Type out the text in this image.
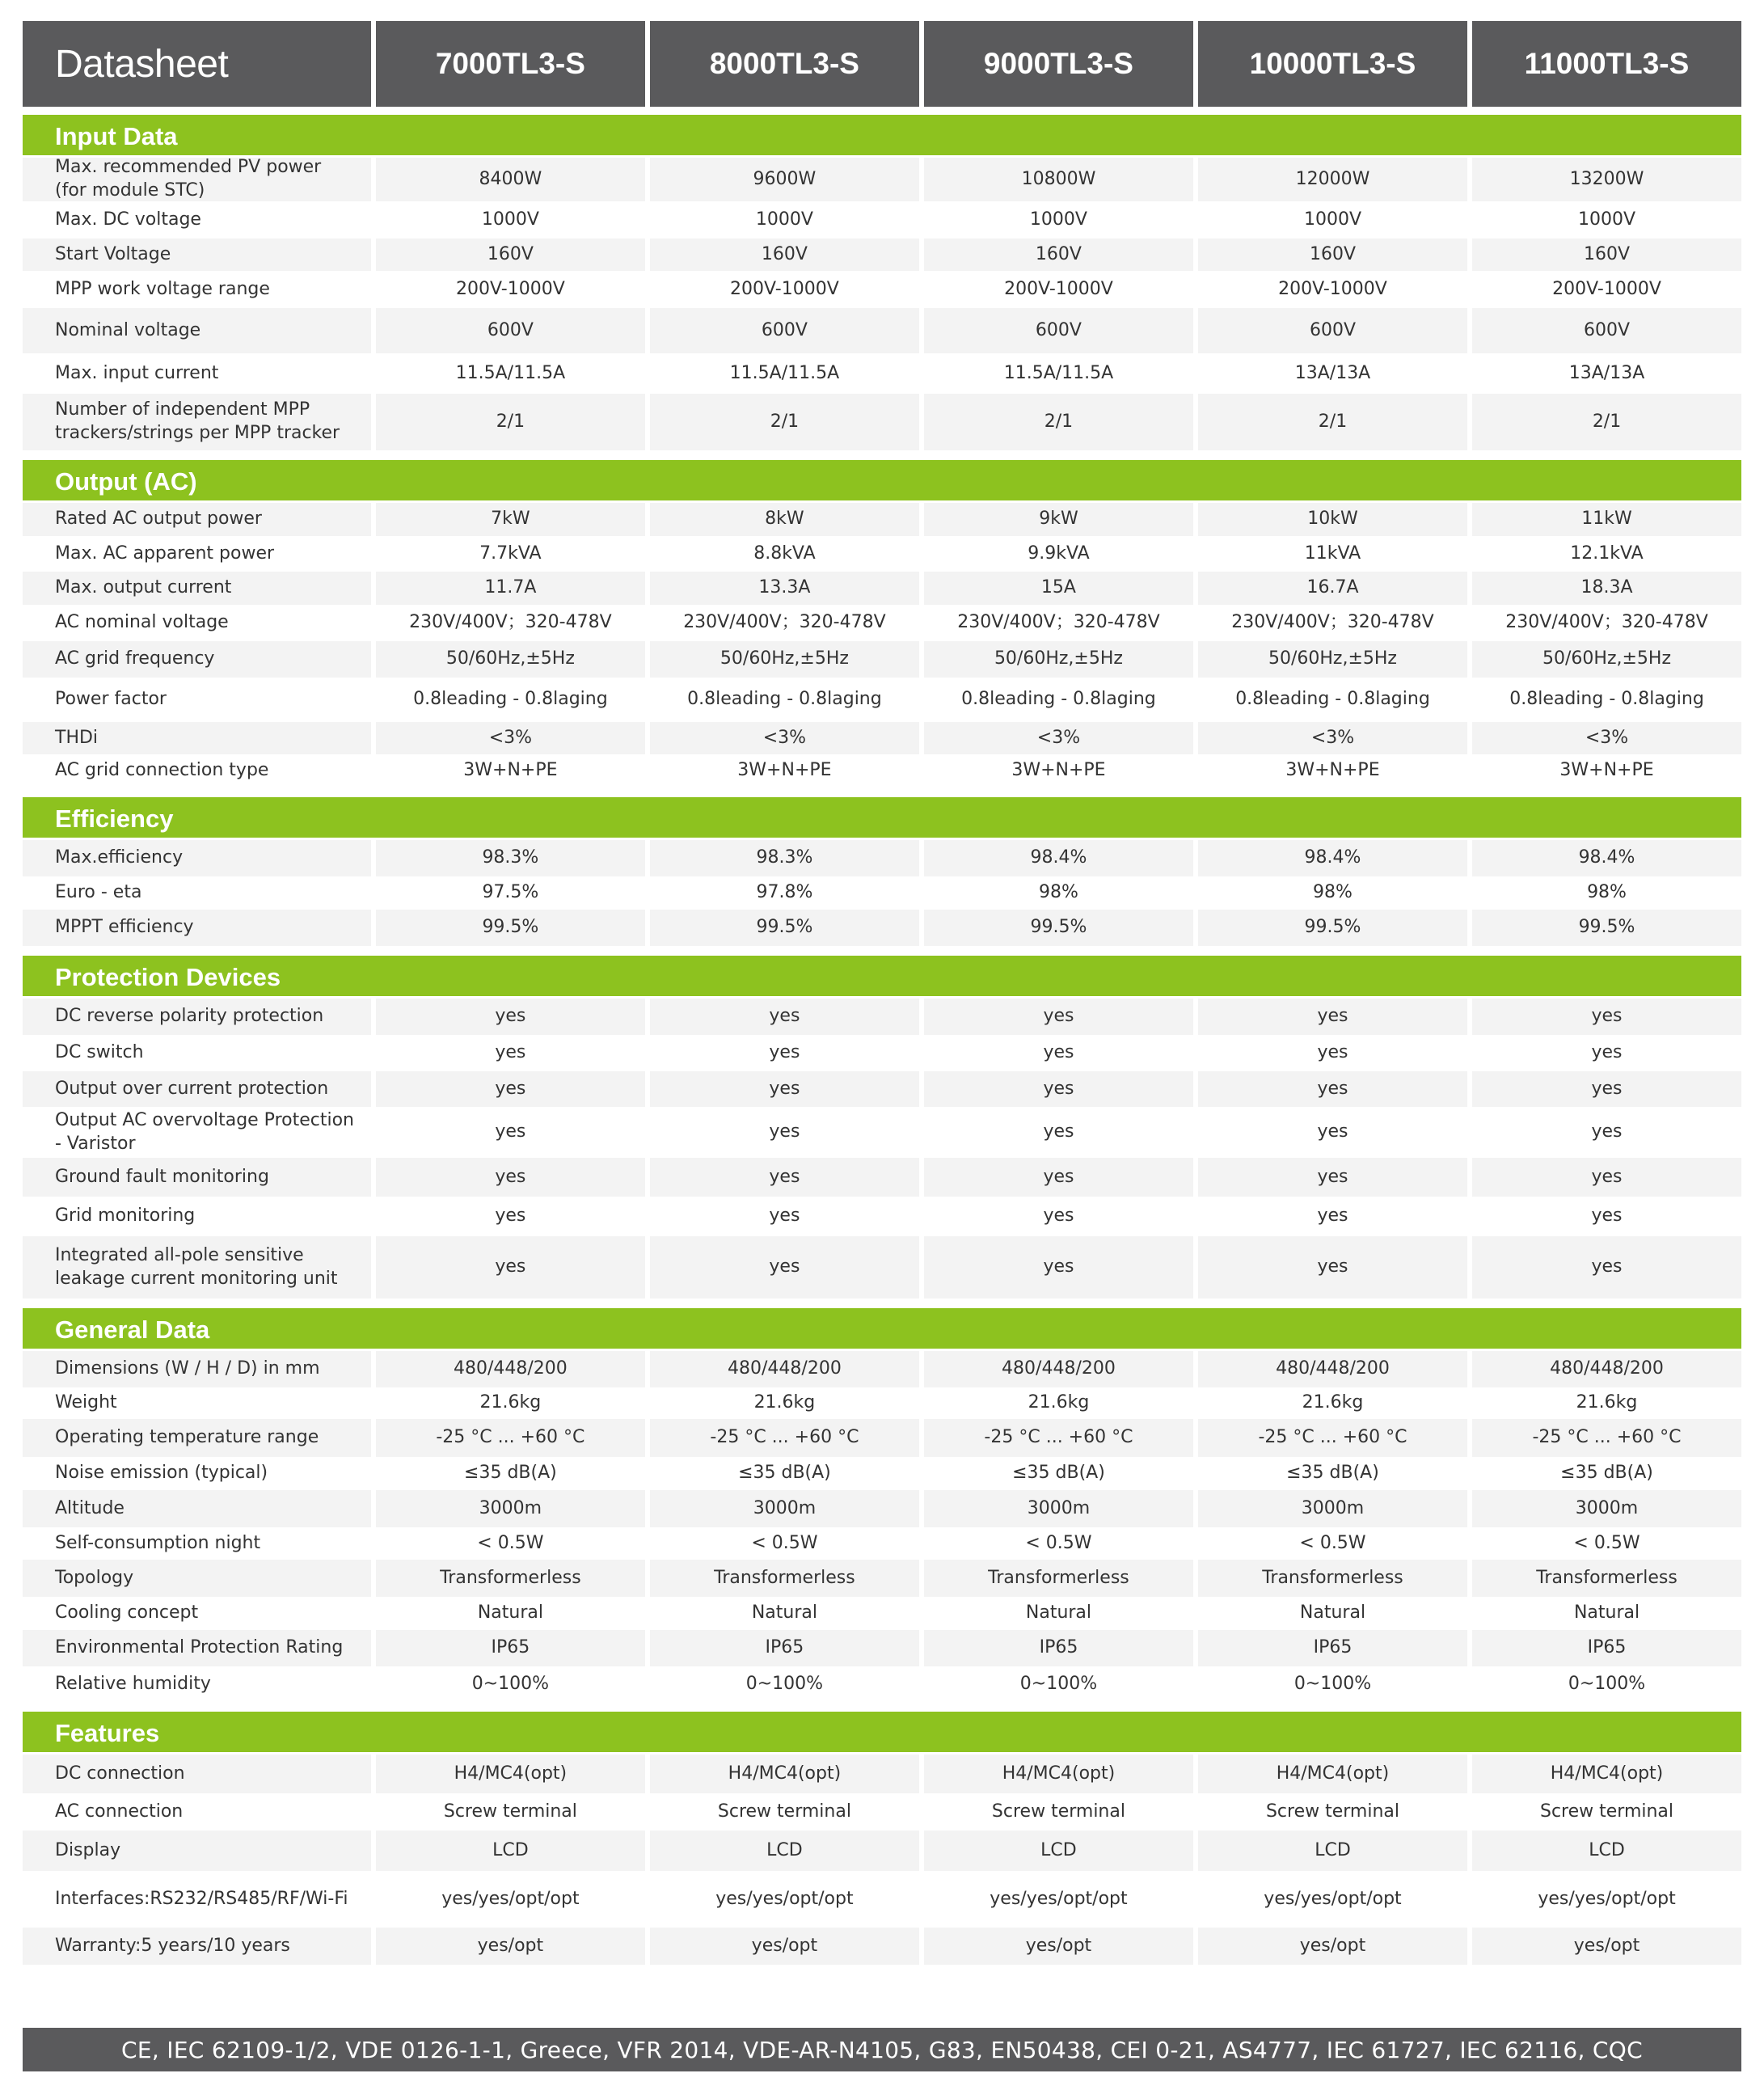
Datasheet	7000TL3-S	8000TL3-S	9000TL3-S	10000TL3-S	11000TL3-S
Input Data
Max. recommended PV power
(for module STC)
8400W	9600W	10800W	12000W	13200W
Max. DC voltage	1000V	1000V	1000V	1000V	1000V
Start Voltage	160V	160V	160V	160V	160V
MPP work voltage range	200V-1000V	200V-1000V	200V-1000V	200V-1000V	200V-1000V
Nominal voltage	600V	600V	600V	600V	600V
Max. input current	11.5A/11.5A	11.5A/11.5A	11.5A/11.5A	13A/13A	13A/13A
Number of independent MPP
trackers/strings per MPP tracker
2/1	2/1	2/1	2/1	2/1
Output (AC)
Rated AC output power	7kW	8kW	9kW	10kW	11kW
Max. AC apparent power	7.7kVA	8.8kVA	9.9kVA	11kVA	12.1kVA
Max. output current	11.7A	13.3A	15A	16.7A	18.3A
AC nominal voltage	230V/400V；320-478V	230V/400V；320-478V	230V/400V；320-478V	230V/400V；320-478V	230V/400V；320-478V
AC grid frequency	50/60Hz,±5Hz	50/60Hz,±5Hz	50/60Hz,±5Hz	50/60Hz,±5Hz	50/60Hz,±5Hz
Power factor	0.8leading - 0.8laging	0.8leading - 0.8laging	0.8leading - 0.8laging	0.8leading - 0.8laging	0.8leading - 0.8laging
THDi	<3%	<3%	<3%	<3%	<3%
AC grid connection type	3W+N+PE	3W+N+PE	3W+N+PE	3W+N+PE	3W+N+PE
Efficiency
Max.efficiency	98.3%	98.3%	98.4%	98.4%	98.4%
Euro - eta	97.5%	97.8%	98%	98%	98%
MPPT efficiency	99.5%	99.5%	99.5%	99.5%	99.5%
Protection Devices
DC reverse polarity protection	yes	yes	yes	yes	yes
DC switch	yes	yes	yes	yes	yes
Output over current protection	yes	yes	yes	yes	yes
Output AC overvoltage Protection
- Varistor
yes	yes	yes	yes	yes
Ground fault monitoring	yes	yes	yes	yes	yes
Grid monitoring	yes	yes	yes	yes	yes
Integrated all-pole sensitive
leakage current monitoring unit
yes	yes	yes	yes	yes
General Data
Dimensions (W / H / D) in mm	480/448/200	480/448/200	480/448/200	480/448/200	480/448/200
Weight	21.6kg	21.6kg	21.6kg	21.6kg	21.6kg
Operating temperature range	-25 °C ... +60 °C	-25 °C ... +60 °C	-25 °C ... +60 °C	-25 °C ... +60 °C	-25 °C ... +60 °C
Noise emission (typical)	≤35 dB(A)	≤35 dB(A)	≤35 dB(A)	≤35 dB(A)	≤35 dB(A)
Altitude	3000m	3000m	3000m	3000m	3000m
Self-consumption night	< 0.5W	< 0.5W	< 0.5W	< 0.5W	< 0.5W
Topology	Transformerless	Transformerless	Transformerless	Transformerless	Transformerless
Cooling concept	Natural	Natural	Natural	Natural	Natural
Environmental Protection Rating	IP65	IP65	IP65	IP65	IP65
Relative humidity	0~100%	0~100%	0~100%	0~100%	0~100%
Features
DC connection	H4/MC4(opt)	H4/MC4(opt)	H4/MC4(opt)	H4/MC4(opt)	H4/MC4(opt)
AC connection	Screw terminal	Screw terminal	Screw terminal	Screw terminal	Screw terminal
Display	LCD	LCD	LCD	LCD	LCD
Interfaces:RS232/RS485/RF/Wi-Fi	yes/yes/opt/opt	yes/yes/opt/opt	yes/yes/opt/opt	yes/yes/opt/opt	yes/yes/opt/opt
Warranty:5 years/10 years	yes/opt	yes/opt	yes/opt	yes/opt	yes/opt
CE, IEC 62109-1/2, VDE 0126-1-1, Greece, VFR 2014, VDE-AR-N4105, G83, EN50438, CEI 0-21, AS4777, IEC 61727, IEC 62116, CQC
